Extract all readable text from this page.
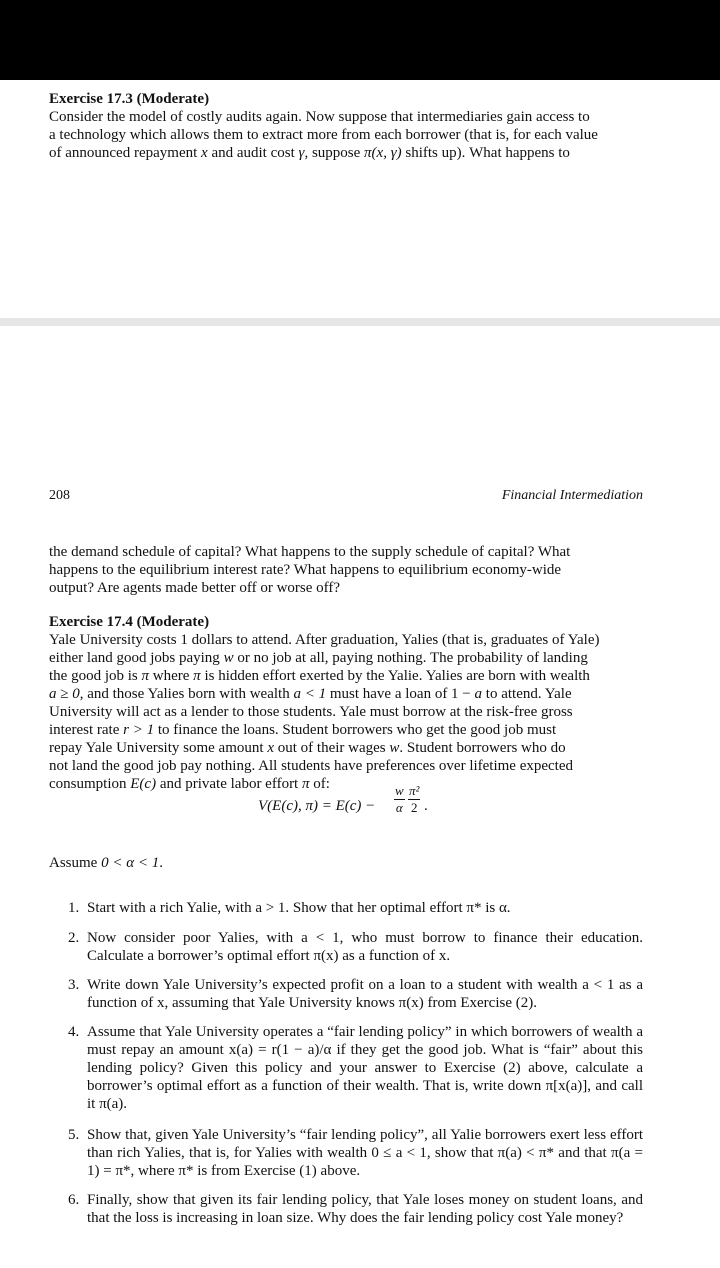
Exercise 17.3 (Moderate)
Consider the model of costly audits again. Now suppose that intermediaries gain access to
a technology which allows them to extract more from each borrower (that is, for each value
of announced repayment x and audit cost γ, suppose π(x, γ) shifts up). What happens to
208	Financial Intermediation
the demand schedule of capital? What happens to the supply schedule of capital? What
happens to the equilibrium interest rate? What happens to equilibrium economy-wide
output? Are agents made better off or worse off?
Exercise 17.4 (Moderate)
Yale University costs 1 dollars to attend. After graduation, Yalies (that is, graduates of Yale)
either land good jobs paying w or no job at all, paying nothing. The probability of landing
the good job is π where π is hidden effort exerted by the Yalie. Yalies are born with wealth
a ≥ 0, and those Yalies born with wealth a < 1 must have a loan of 1 − a to attend. Yale
University will act as a lender to those students. Yale must borrow at the risk-free gross
interest rate r > 1 to finance the loans. Student borrowers who get the good job must
repay Yale University some amount x out of their wages w. Student borrowers who do
not land the good job pay nothing. All students have preferences over lifetime expected
consumption E(c) and private labor effort π of:
V(E(c), π) = E(c) −
w
α
π²
2 .
Assume 0 < α < 1.
1. Start with a rich Yalie, with a > 1. Show that her optimal effort π* is α.
2. Now consider poor Yalies, with a < 1, who must borrow to finance their education. Calculate a borrower’s optimal effort π(x) as a function of x.
3. Write down Yale University’s expected profit on a loan to a student with wealth a < 1 as a function of x, assuming that Yale University knows π(x) from Exercise (2).
4. Assume that Yale University operates a “fair lending policy” in which borrowers of wealth a must repay an amount x(a) = r(1 − a)/α if they get the good job. What is “fair” about this lending policy? Given this policy and your answer to Exercise (2) above, calculate a borrower’s optimal effort as a function of their wealth. That is, write down π[x(a)], and call it π(a).
5. Show that, given Yale University’s “fair lending policy”, all Yalie borrowers exert less effort than rich Yalies, that is, for Yalies with wealth 0 ≤ a < 1, show that π(a) < π* and that π(a = 1) = π*, where π* is from Exercise (1) above.
6. Finally, show that given its fair lending policy, that Yale loses money on student loans, and that the loss is increasing in loan size. Why does the fair lending policy cost Yale money?
